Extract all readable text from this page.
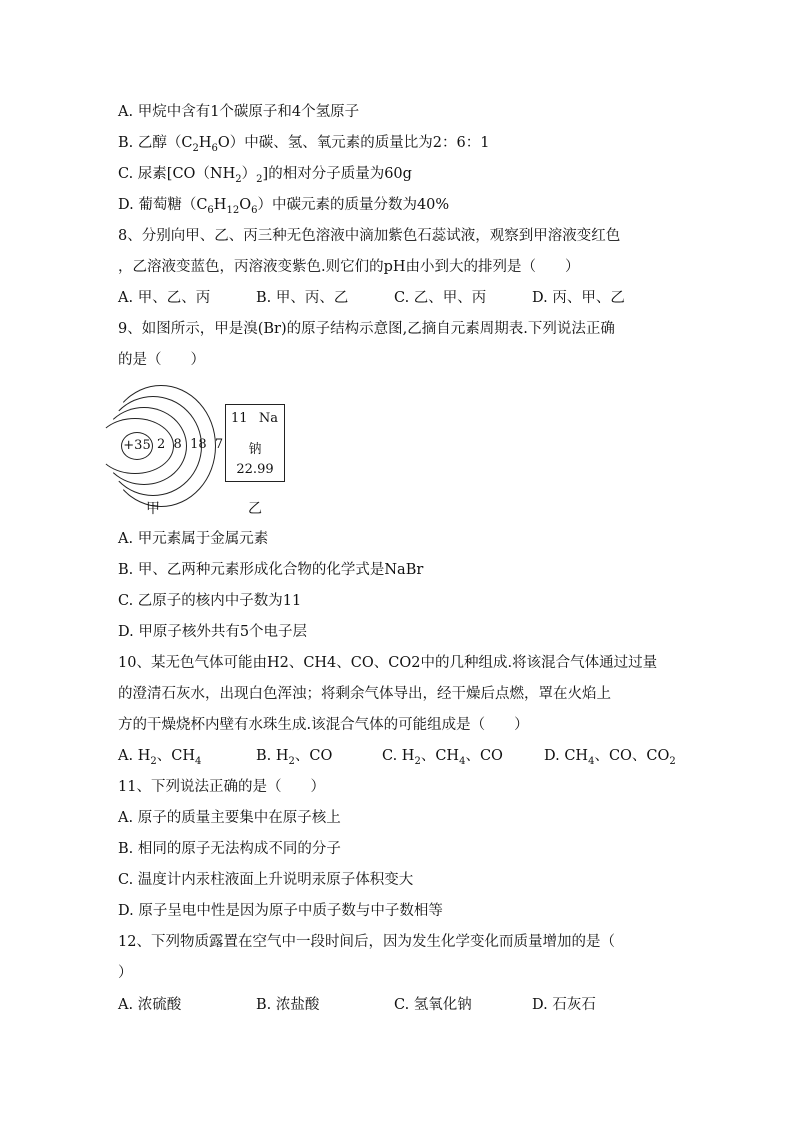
A. 甲烷中含有1个碳原子和4个氢原子
B. 乙醇$(C_2H_6O)$中碳、氢、氧元素的质量比为2：6：1
C. 尿素$[CO(NH_2)_2]$的相对分子质量为60g
D. 葡萄糖$(C_6H_{12}O_6)$中碳元素的质量分数为40%
8、分别向甲、乙、丙三种无色溶液中滴加紫色石蕊试液，观察到甲溶液变红色
，乙溶液变蓝色，丙溶液变紫色.则它们的pH由小到大的排列是（　　）
A. 甲、乙、丙	B. 甲、丙、乙	C. 乙、甲、丙	D. 丙、甲、乙
9、如图所示，甲是溴(Br)的原子结构示意图,乙摘自元素周期表.下列说法正确
的是（　　）
+35 2  8  18  7
甲
11 Na
钠
22.99
乙
A. 甲元素属于金属元素
B. 甲、乙两种元素形成化合物的化学式是NaBr
C. 乙原子的核内中子数为11
D. 甲原子核外共有5个电子层
10、某无色气体可能由H2、CH4、CO、CO2中的几种组成.将该混合气体通过过量
的澄清石灰水，出现白色浑浊；将剩余气体导出，经干燥后点燃，罩在火焰上
方的干燥烧杯内壁有水珠生成.该混合气体的可能组成是（　　）
A. $H_2$、$CH_4$	B. $H_2$、CO	C. $H_2$、$CH_4$、CO	D. $CH_4$、CO、$CO_2$
11、下列说法正确的是（　　）
A. 原子的质量主要集中在原子核上
B. 相同的原子无法构成不同的分子
C. 温度计内汞柱液面上升说明汞原子体积变大
D. 原子呈电中性是因为原子中质子数与中子数相等
12、下列物质露置在空气中一段时间后，因为发生化学变化而质量增加的是（
）
A. 浓硫酸	B. 浓盐酸	C. 氢氧化钠	D. 石灰石
